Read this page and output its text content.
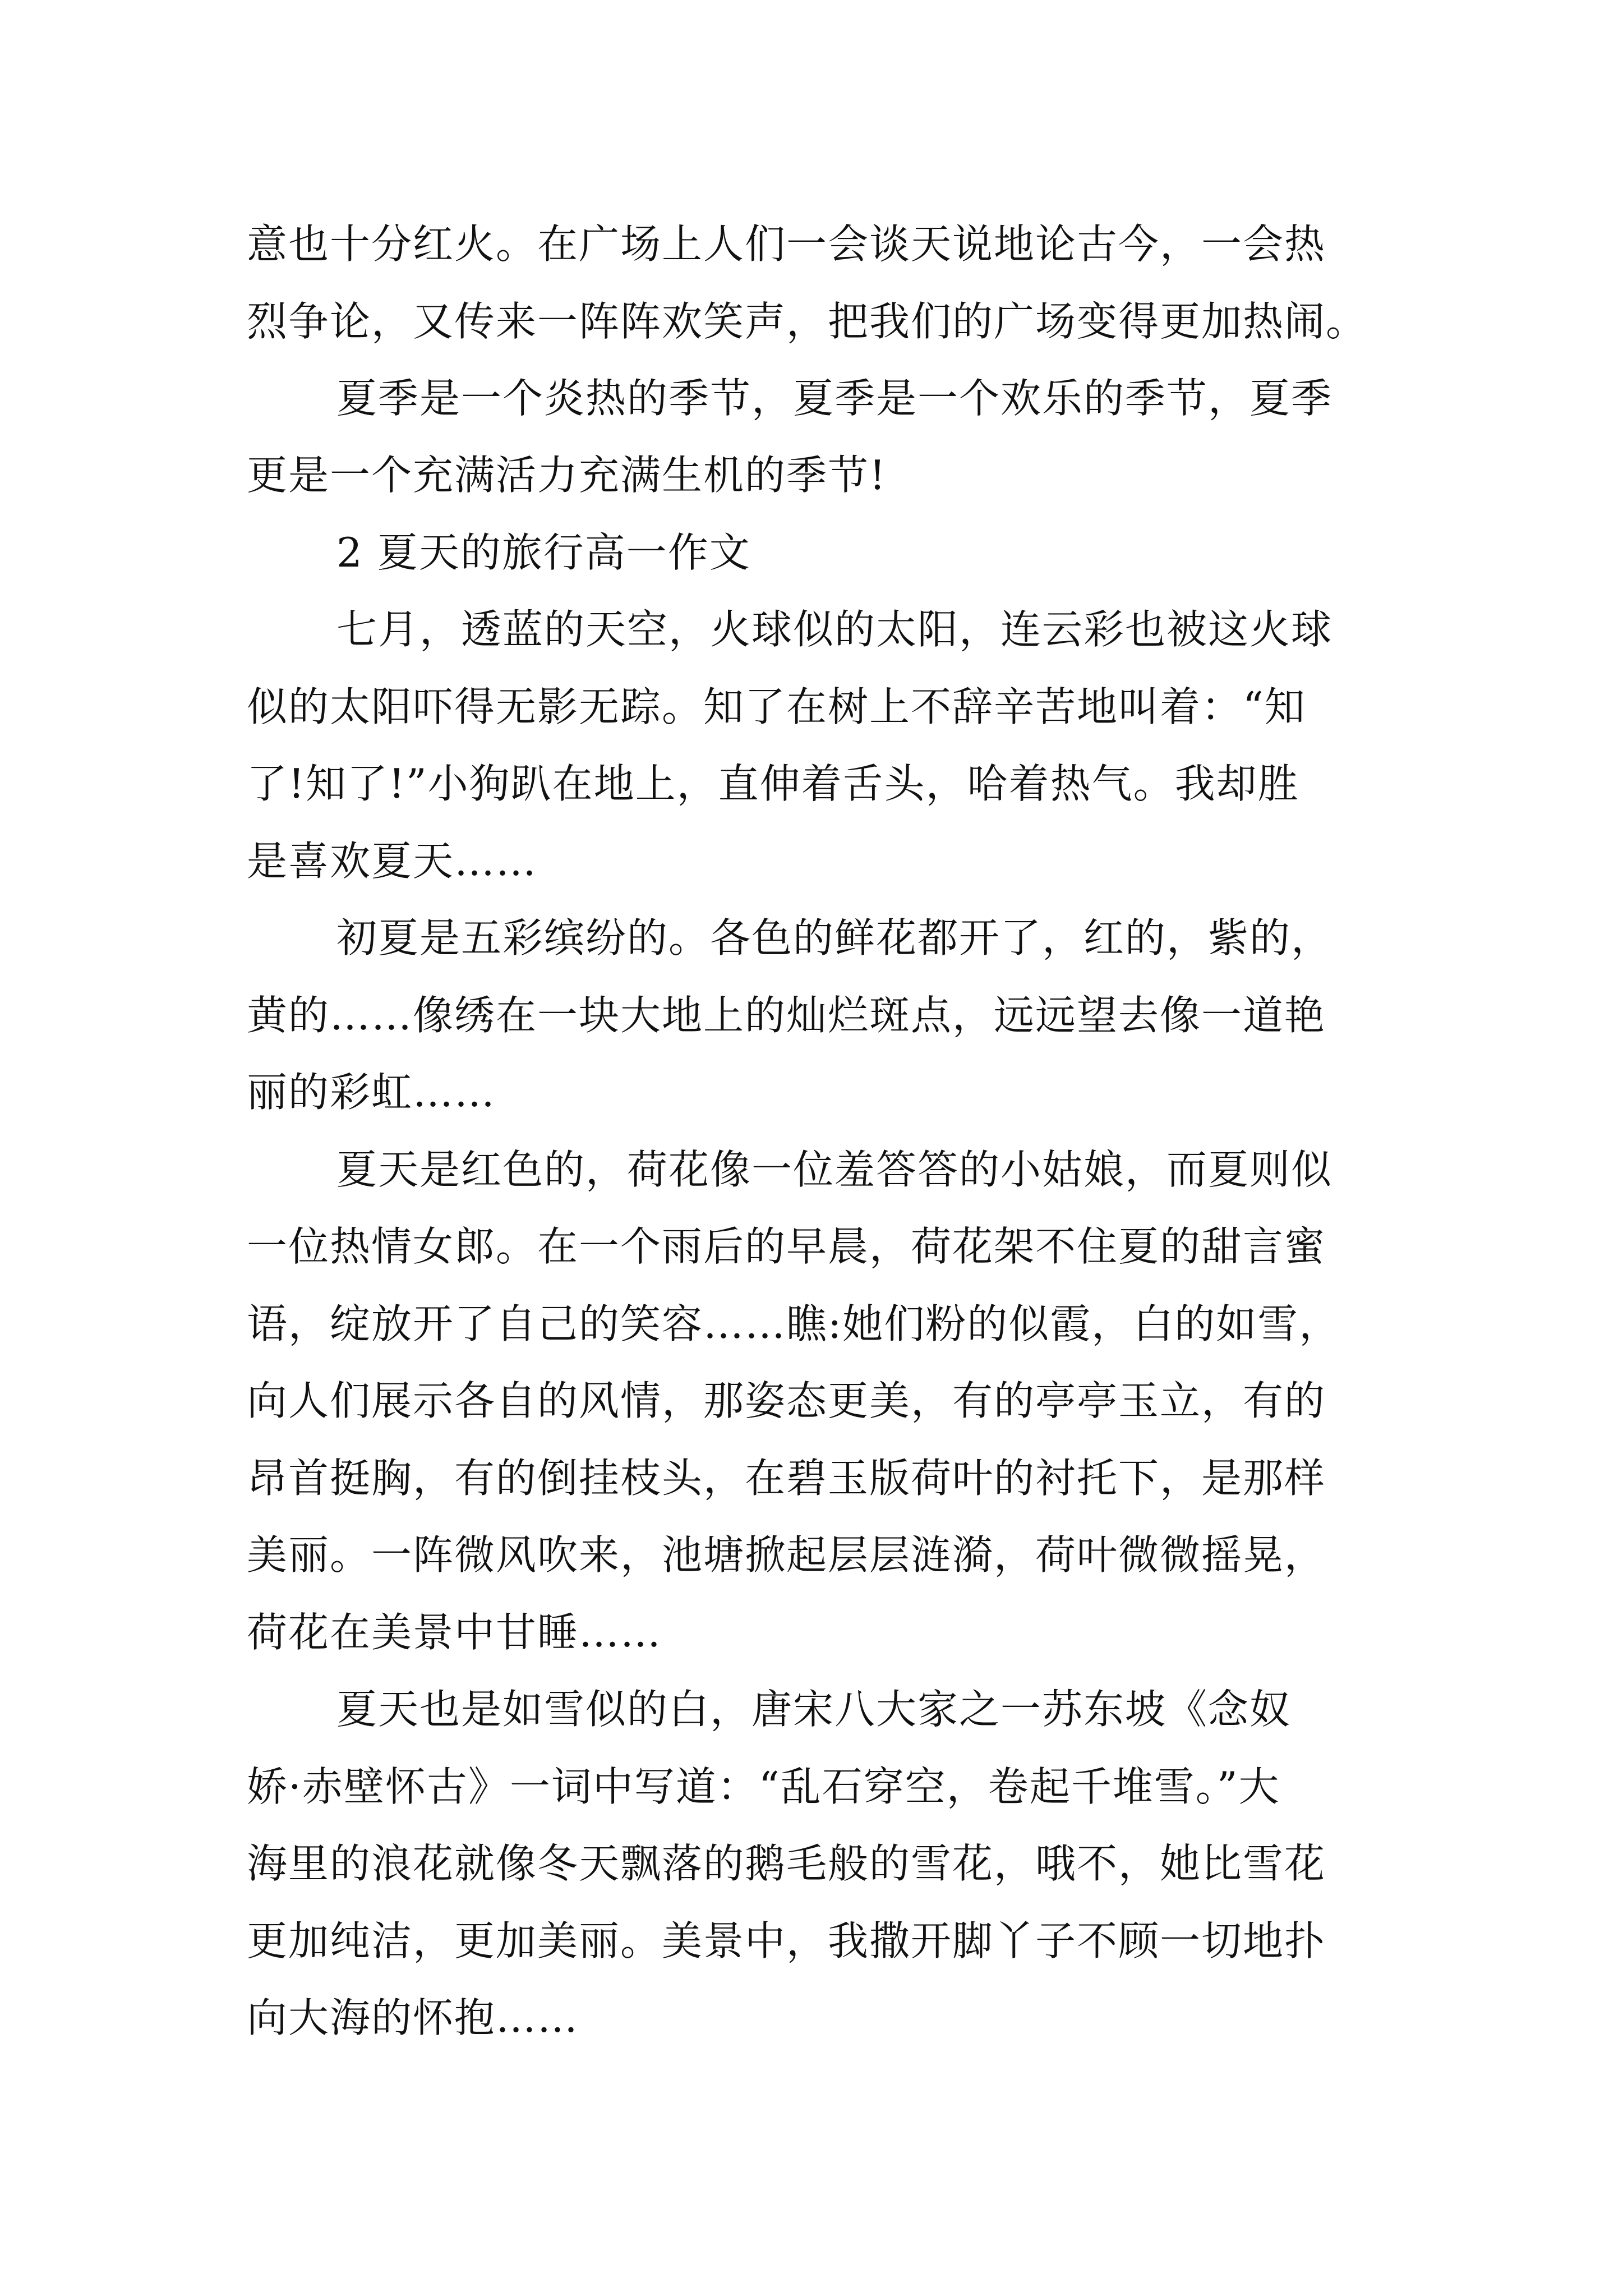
意也十分红火。在广场上人们一会谈天说地论古今，一会热

烈争论，又传来一阵阵欢笑声，把我们的广场变得更加热闹。

夏季是一个炎热的季节，夏季是一个欢乐的季节，夏季

更是一个充满活力充满生机的季节!

2 夏天的旅行高一作文

七月，透蓝的天空，火球似的太阳，连云彩也被这火球

似的太阳吓得无影无踪。知了在树上不辞辛苦地叫着：“知

了!知了!”小狗趴在地上，直伸着舌头，哈着热气。我却胜

是喜欢夏天……

初夏是五彩缤纷的。各色的鲜花都开了，红的，紫的，

黄的……像绣在一块大地上的灿烂斑点，远远望去像一道艳

丽的彩虹……

夏天是红色的，荷花像一位羞答答的小姑娘，而夏则似

一位热情女郎。在一个雨后的早晨，荷花架不住夏的甜言蜜

语，绽放开了自己的笑容……瞧:她们粉的似霞，白的如雪，

向人们展示各自的风情，那姿态更美，有的亭亭玉立，有的

昂首挺胸，有的倒挂枝头，在碧玉版荷叶的衬托下，是那样

美丽。一阵微风吹来，池塘掀起层层涟漪，荷叶微微摇晃，

荷花在美景中甘睡……

夏天也是如雪似的白，唐宋八大家之一苏东坡《念奴

娇·赤壁怀古》一词中写道：“乱石穿空，卷起千堆雪。”大

海里的浪花就像冬天飘落的鹅毛般的雪花，哦不，她比雪花

更加纯洁，更加美丽。美景中，我撒开脚丫子不顾一切地扑

向大海的怀抱……
